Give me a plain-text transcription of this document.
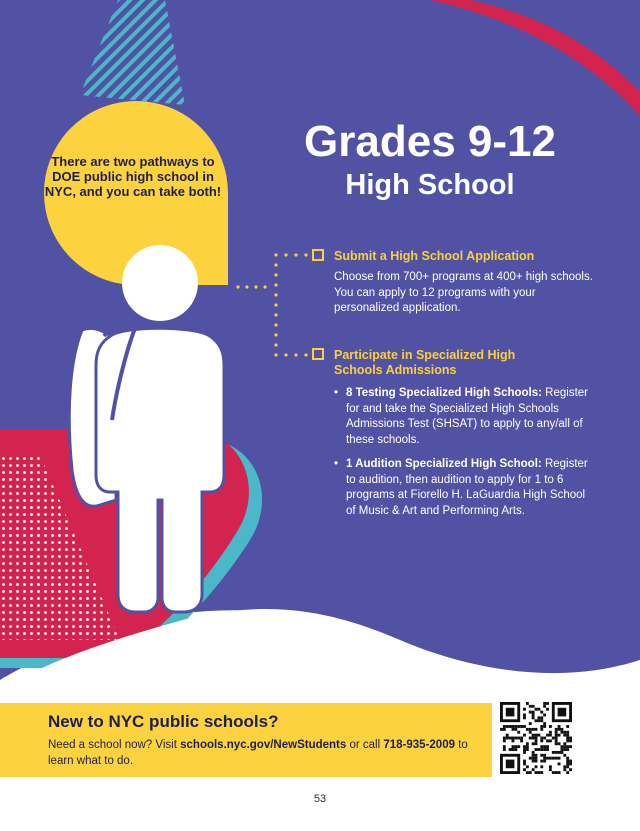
There are two pathways to DOE public high school in NYC, and you can take both!
Grades 9-12
High School
Submit a High School Application
Choose from 700+ programs at 400+ high schools. You can apply to 12 programs with your personalized application.
Participate in Specialized High Schools Admissions
• 8 Testing Specialized High Schools: Register for and take the Specialized High Schools Admissions Test (SHSAT) to apply to any/all of these schools.
• 1 Audition Specialized High School: Register to audition, then audition to apply for 1 to 6 programs at Fiorello H. LaGuardia High School of Music & Art and Performing Arts.
New to NYC public schools?
Need a school now? Visit schools.nyc.gov/NewStudents or call 718-935-2009 to learn what to do.
53
